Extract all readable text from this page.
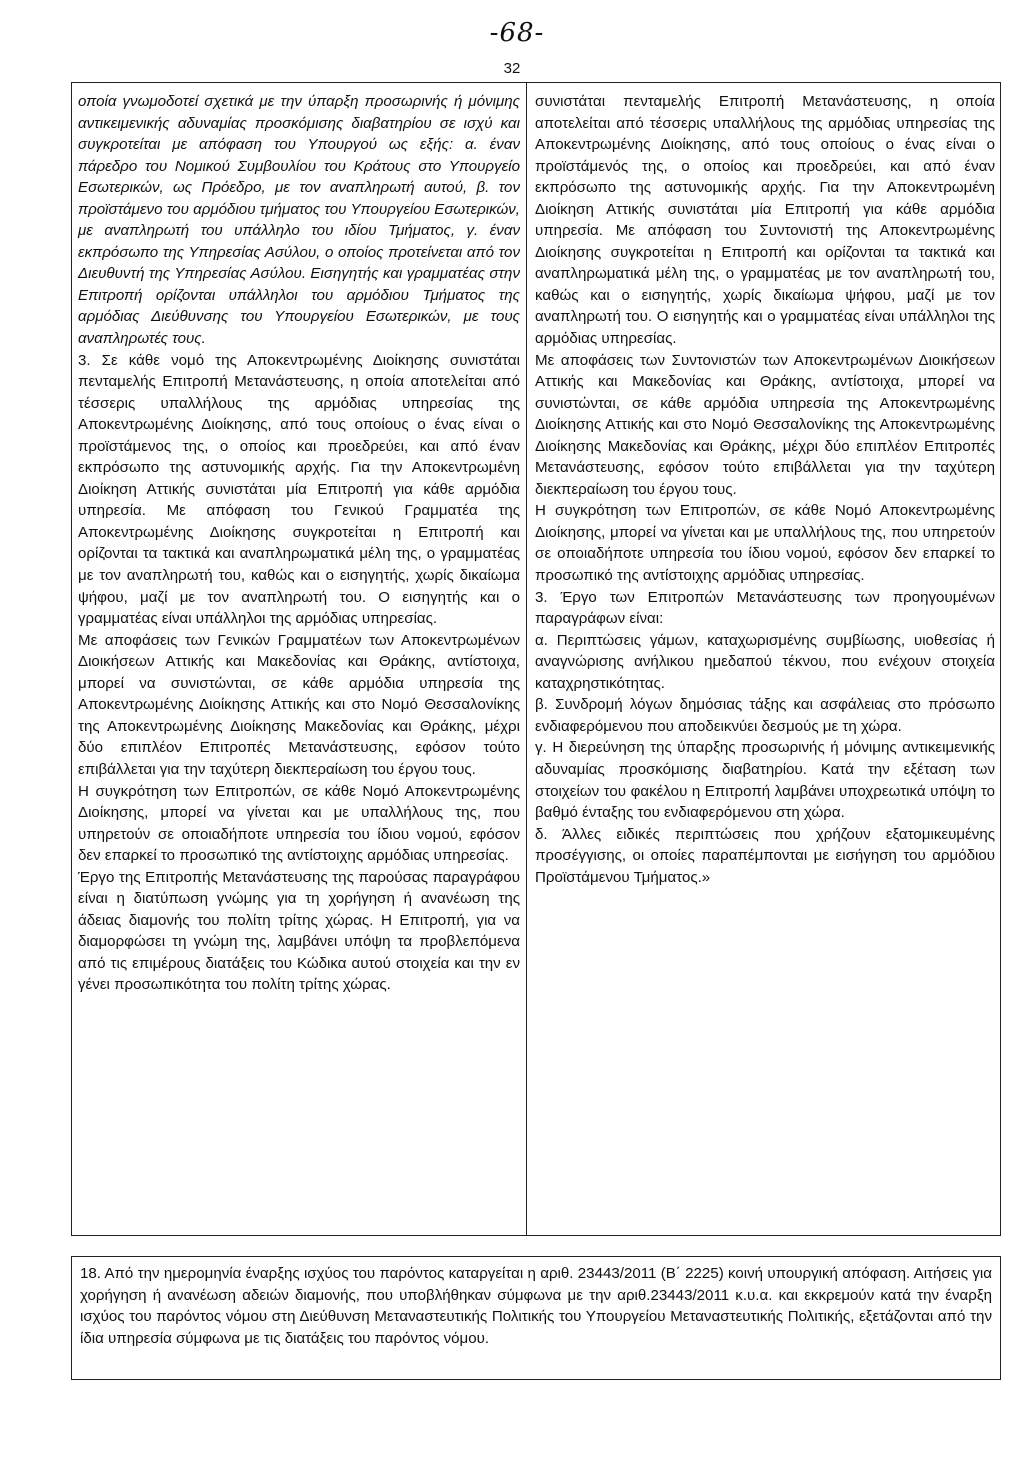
-68-
32

οποία γνωμοδοτεί σχετικά με την ύπαρξη προσωρινής ή μόνιμης αντικειμενικής αδυναμίας προσκόμισης διαβατηρίου σε ισχύ και συγκροτείται με απόφαση του Υπουργού ως εξής: α. έναν πάρεδρο του Νομικού Συμβουλίου του Κράτους στο Υπουργείο Εσωτερικών, ως Πρόεδρο, με τον αναπληρωτή αυτού, β. τον προϊστάμενο του αρμόδιου τμήματος του Υπουργείου Εσωτερικών, με αναπληρωτή του υπάλληλο του ιδίου Τμήματος, γ. έναν εκπρόσωπο της Υπηρεσίας Ασύλου, ο οποίος προτείνεται από τον Διευθυντή της Υπηρεσίας Ασύλου. Εισηγητής και γραμματέας στην Επιτροπή ορίζονται υπάλληλοι του αρμόδιου Τμήματος της αρμόδιας Διεύθυνσης του Υπουργείου Εσωτερικών, με τους αναπληρωτές τους.

3. Σε κάθε νομό της Αποκεντρωμένης Διοίκησης συνιστάται πενταμελής Επιτροπή Μετανάστευσης, η οποία αποτελείται από τέσσερις υπαλλήλους της αρμόδιας υπηρεσίας της Αποκεντρωμένης Διοίκησης, από τους οποίους ο ένας είναι ο προϊστάμενος της, ο οποίος και προεδρεύει, και από έναν εκπρόσωπο της αστυνομικής αρχής. Για την Αποκεντρωμένη Διοίκηση Αττικής συνιστάται μία Επιτροπή για κάθε αρμόδια υπηρεσία. Με απόφαση του Γενικού Γραμματέα της Αποκεντρωμένης Διοίκησης συγκροτείται η Επιτροπή και ορίζονται τα τακτικά και αναπληρωματικά μέλη της, ο γραμματέας με τον αναπληρωτή του, καθώς και ο εισηγητής, χωρίς δικαίωμα ψήφου, μαζί με τον αναπληρωτή του. Ο εισηγητής και ο γραμματέας είναι υπάλληλοι της αρμόδιας υπηρεσίας.

Με αποφάσεις των Γενικών Γραμματέων των Αποκεντρωμένων Διοικήσεων Αττικής και Μακεδονίας και Θράκης, αντίστοιχα, μπορεί να συνιστώνται, σε κάθε αρμόδια υπηρεσία της Αποκεντρωμένης Διοίκησης Αττικής και στο Νομό Θεσσαλονίκης της Αποκεντρωμένης Διοίκησης Μακεδονίας και Θράκης, μέχρι δύο επιπλέον Επιτροπές Μετανάστευσης, εφόσον τούτο επιβάλλεται για την ταχύτερη διεκπεραίωση του έργου τους.

Η συγκρότηση των Επιτροπών, σε κάθε Νομό Αποκεντρωμένης Διοίκησης, μπορεί να γίνεται και με υπαλλήλους της, που υπηρετούν σε οποιαδήποτε υπηρεσία του ίδιου νομού, εφόσον δεν επαρκεί το προσωπικό της αντίστοιχης αρμόδιας υπηρεσίας.

Έργο της Επιτροπής Μετανάστευσης της παρούσας παραγράφου είναι η διατύπωση γνώμης για τη χορήγηση ή ανανέωση της άδειας διαμονής του πολίτη τρίτης χώρας. Η Επιτροπή, για να διαμορφώσει τη γνώμη της, λαμβάνει υπόψη τα προβλεπόμενα από τις επιμέρους διατάξεις του Κώδικα αυτού στοιχεία και την εν γένει προσωπικότητα του πολίτη τρίτης χώρας.

συνιστάται πενταμελής Επιτροπή Μετανάστευσης, η οποία αποτελείται από τέσσερις υπαλλήλους της αρμόδιας υπηρεσίας της Αποκεντρωμένης Διοίκησης, από τους οποίους ο ένας είναι ο προϊστάμενός της, ο οποίος και προεδρεύει, και από έναν εκπρόσωπο της αστυνομικής αρχής. Για την Αποκεντρωμένη Διοίκηση Αττικής συνιστάται μία Επιτροπή για κάθε αρμόδια υπηρεσία. Με απόφαση του Συντονιστή της Αποκεντρωμένης Διοίκησης συγκροτείται η Επιτροπή και ορίζονται τα τακτικά και αναπληρωματικά μέλη της, ο γραμματέας με τον αναπληρωτή του, καθώς και ο εισηγητής, χωρίς δικαίωμα ψήφου, μαζί με τον αναπληρωτή του. Ο εισηγητής και ο γραμματέας είναι υπάλληλοι της αρμόδιας υπηρεσίας.

Με αποφάσεις των Συντονιστών των Αποκεντρωμένων Διοικήσεων Αττικής και Μακεδονίας και Θράκης, αντίστοιχα, μπορεί να συνιστώνται, σε κάθε αρμόδια υπηρεσία της Αποκεντρωμένης Διοίκησης Αττικής και στο Νομό Θεσσαλονίκης της Αποκεντρωμένης Διοίκησης Μακεδονίας και Θράκης, μέχρι δύο επιπλέον Επιτροπές Μετανάστευσης, εφόσον τούτο επιβάλλεται για την ταχύτερη διεκπεραίωση του έργου τους.

Η συγκρότηση των Επιτροπών, σε κάθε Νομό Αποκεντρωμένης Διοίκησης, μπορεί να γίνεται και με υπαλλήλους της, που υπηρετούν σε οποιαδήποτε υπηρεσία του ίδιου νομού, εφόσον δεν επαρκεί το προσωπικό της αντίστοιχης αρμόδιας υπηρεσίας.

3. Έργο των Επιτροπών Μετανάστευσης των προηγουμένων παραγράφων είναι:

α. Περιπτώσεις γάμων, καταχωρισμένης συμβίωσης, υιοθεσίας ή αναγνώρισης ανήλικου ημεδαπού τέκνου, που ενέχουν στοιχεία καταχρηστικότητας.

β. Συνδρομή λόγων δημόσιας τάξης και ασφάλειας στο πρόσωπο ενδιαφερόμενου που αποδεικνύει δεσμούς με τη χώρα.

γ. Η διερεύνηση της ύπαρξης προσωρινής ή μόνιμης αντικειμενικής αδυναμίας προσκόμισης διαβατηρίου. Κατά την εξέταση των στοιχείων του φακέλου η Επιτροπή λαμβάνει υποχρεωτικά υπόψη το βαθμό ένταξης του ενδιαφερόμενου στη χώρα.

δ. Άλλες ειδικές περιπτώσεις που χρήζουν εξατομικευμένης προσέγγισης, οι οποίες παραπέμπονται με εισήγηση του αρμόδιου Προϊστάμενου Τμήματος.»

18. Από την ημερομηνία έναρξης ισχύος του παρόντος καταργείται η αριθ. 23443/2011 (Β΄ 2225) κοινή υπουργική απόφαση. Αιτήσεις για χορήγηση ή ανανέωση αδειών διαμονής, που υποβλήθηκαν σύμφωνα με την αριθ.23443/2011 κ.υ.α. και εκκρεμούν κατά την έναρξη ισχύος του παρόντος νόμου στη Διεύθυνση Μεταναστευτικής Πολιτικής του Υπουργείου Μεταναστευτικής Πολιτικής, εξετάζονται από την ίδια υπηρεσία σύμφωνα με τις διατάξεις του παρόντος νόμου.
